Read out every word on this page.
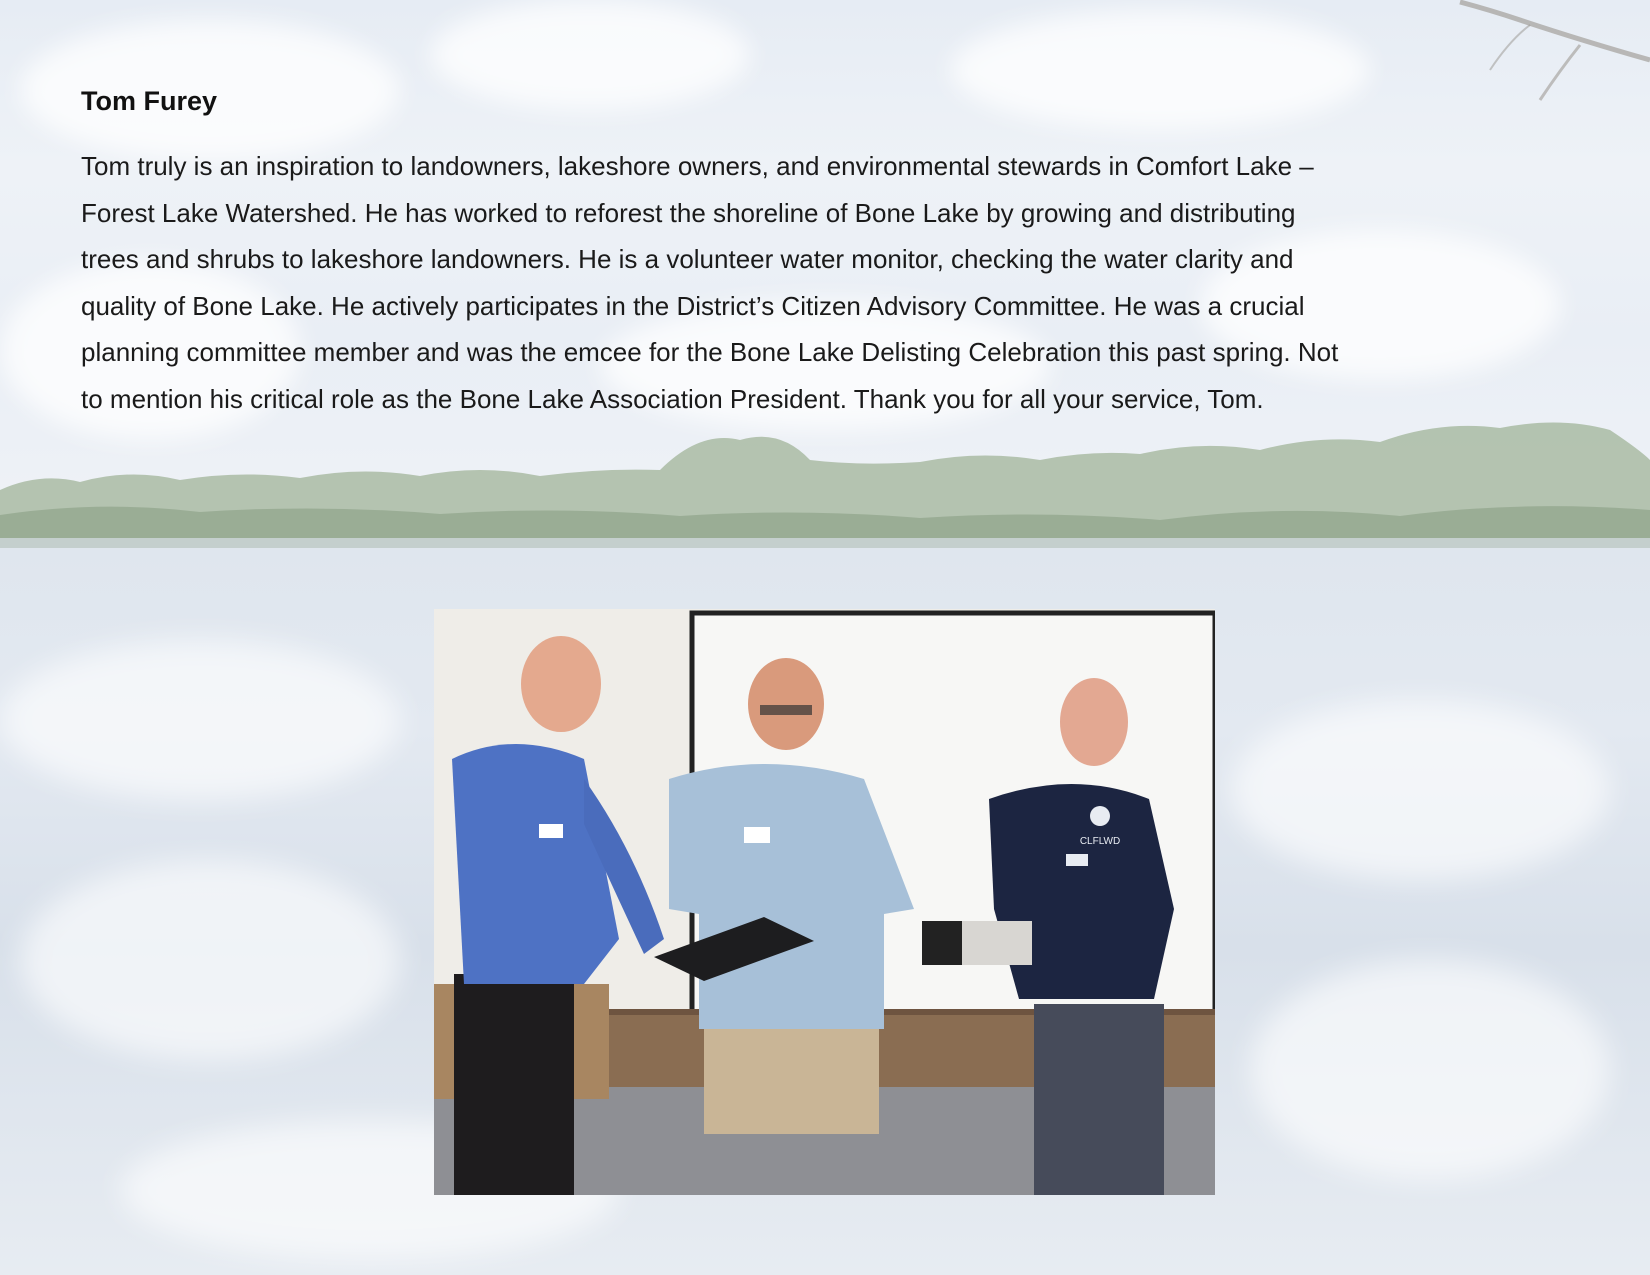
Tom Furey
Tom truly is an inspiration to landowners, lakeshore owners, and environmental stewards in Comfort Lake –
Forest Lake Watershed. He has worked to reforest the shoreline of Bone Lake by growing and distributing
trees and shrubs to lakeshore landowners. He is a volunteer water monitor, checking the water clarity and
quality of Bone Lake. He actively participates in the District’s Citizen Advisory Committee. He was a crucial
planning committee member and was the emcee for the Bone Lake Delisting Celebration this past spring. Not
to mention his critical role as the Bone Lake Association President. Thank you for all your service, Tom.
CLFLWD
